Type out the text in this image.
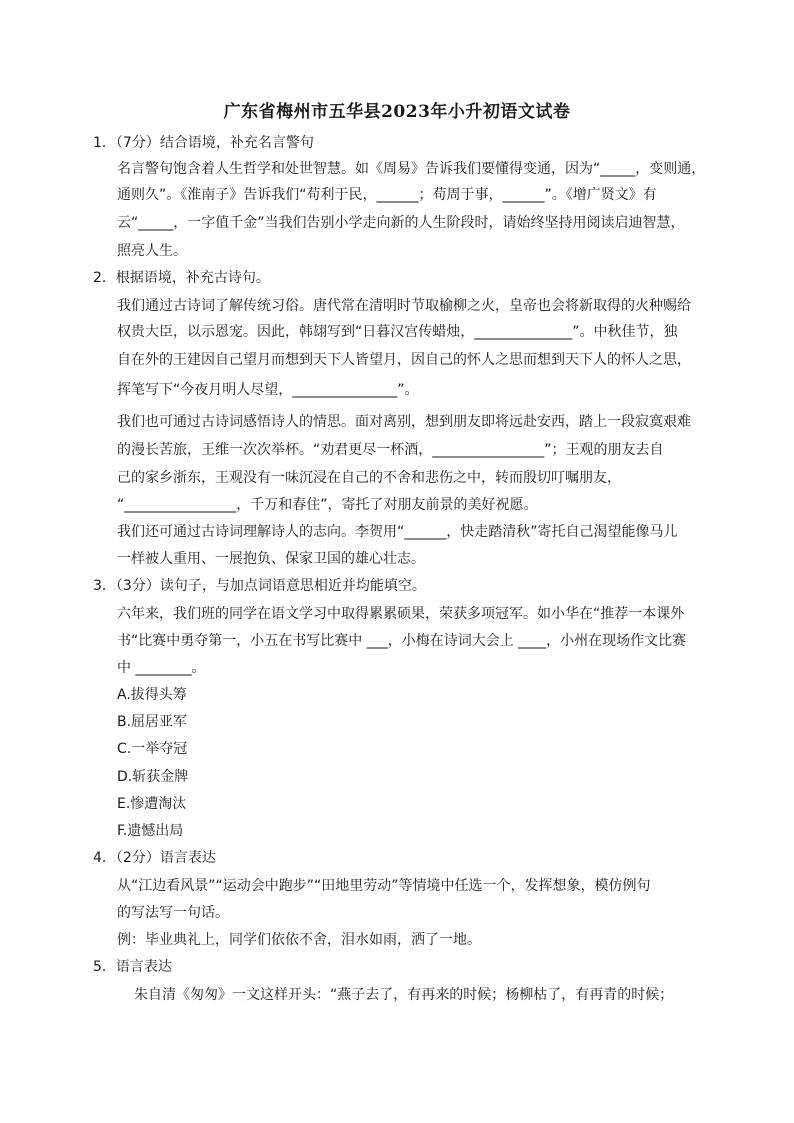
广东省梅州市五华县2023年小升初语文试卷
1．（7分）结合语境，补充名言警句
名言警句饱含着人生哲学和处世智慧。如《周易》告诉我们要懂得变通，因为“_____，变则通，
通则久”。《淮南子》告诉我们“苟利于民，______；苟周于事，______”。《增广贤文》有
云“_____，一字值千金”当我们告别小学走向新的人生阶段时，请始终坚持用阅读启迪智慧，
照亮人生。
2．根据语境，补充古诗句。
我们通过古诗词了解传统习俗。唐代常在清明时节取榆柳之火，皇帝也会将新取得的火种赐给
权贵大臣，以示恩宠。因此，韩翃写到“日暮汉宫传蜡烛，______________”。中秋佳节，独
自在外的王建因自己望月而想到天下人皆望月，因自己的怀人之思而想到天下人的怀人之思，
挥笔写下“今夜月明人尽望，_______________”。
我们也可通过古诗词感悟诗人的情思。面对离别，想到朋友即将远赴安西，踏上一段寂寞艰难
的漫长苦旅，王维一次次举杯。“劝君更尽一杯酒，________________”；王观的朋友去自
己的家乡浙东，王观没有一味沉浸在自己的不舍和悲伤之中，转而殷切叮嘱朋友，
“________________，千万和春住”，寄托了对朋友前景的美好祝愿。
我们还可通过古诗词理解诗人的志向。李贺用“______，快走踏清秋”寄托自己渴望能像马儿
一样被人重用、一展抱负、保家卫国的雄心壮志。
3．（3分）读句子，与加点词语意思相近并均能填空。
六年来，我们班的同学在语文学习中取得累累硕果，荣获多项冠军。如小华在“推荐一本课外
书“比赛中勇夺第一，小五在书写比赛中 ___，小梅在诗词大会上 ____，小州在现场作文比赛
中 ________。
A.拔得头筹
B.屈居亚军
C.一举夺冠
D.斩获金牌
E.惨遭淘汰
F.遗憾出局
4．（2分）语言表达
从“江边看风景”“运动会中跑步”“田地里劳动”等情境中任选一个，发挥想象，模仿例句
的写法写一句话。
例：毕业典礼上，同学们依依不舍，泪水如雨，洒了一地。
5．语言表达
朱自清《匆匆》一文这样开头：“燕子去了，有再来的时候；杨柳枯了，有再青的时候；
